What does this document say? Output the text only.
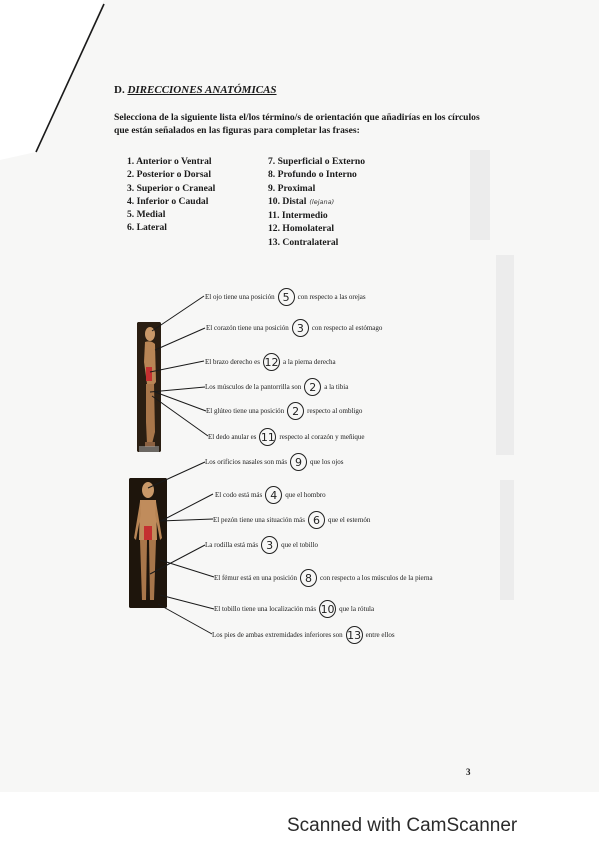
D. DIRECCIONES ANATÓMICAS
Selecciona de la siguiente lista el/los término/s de orientación que añadirías en los círculos que están señalados en las figuras para completar las frases:
1. Anterior o Ventral
2. Posterior o Dorsal
3. Superior o Craneal
4. Inferior o Caudal
5. Medial
6. Lateral
7. Superficial o Externo
8. Profundo o Interno
9. Proximal
10. Distal (lejana)
11. Intermedio
12. Homolateral
13. Contralateral
El ojo tiene una posición 5	con respecto a las orejas
El corazón tiene una posición 3	con respecto al estómago
El brazo derecho es 12 a la pierna derecha
Los músculos de la pantorrilla son 2	a la tibia
El glúteo tiene una posición 2	respecto al ombligo
El dedo anular es 11 respecto al corazón y meñique
Los orificios nasales son más 9	que los ojos
El codo está más 4	que el hombro
El pezón tiene una situación más 6	que el esternón
La rodilla está más 3	que el tobillo
El fémur está en una posición 8	con respecto a los músculos de la pierna
El tobillo tiene una localización más 10 que la rótula
Los pies de ambas extremidades inferiores son 13 entre ellos
3
Scanned with CamScanner
